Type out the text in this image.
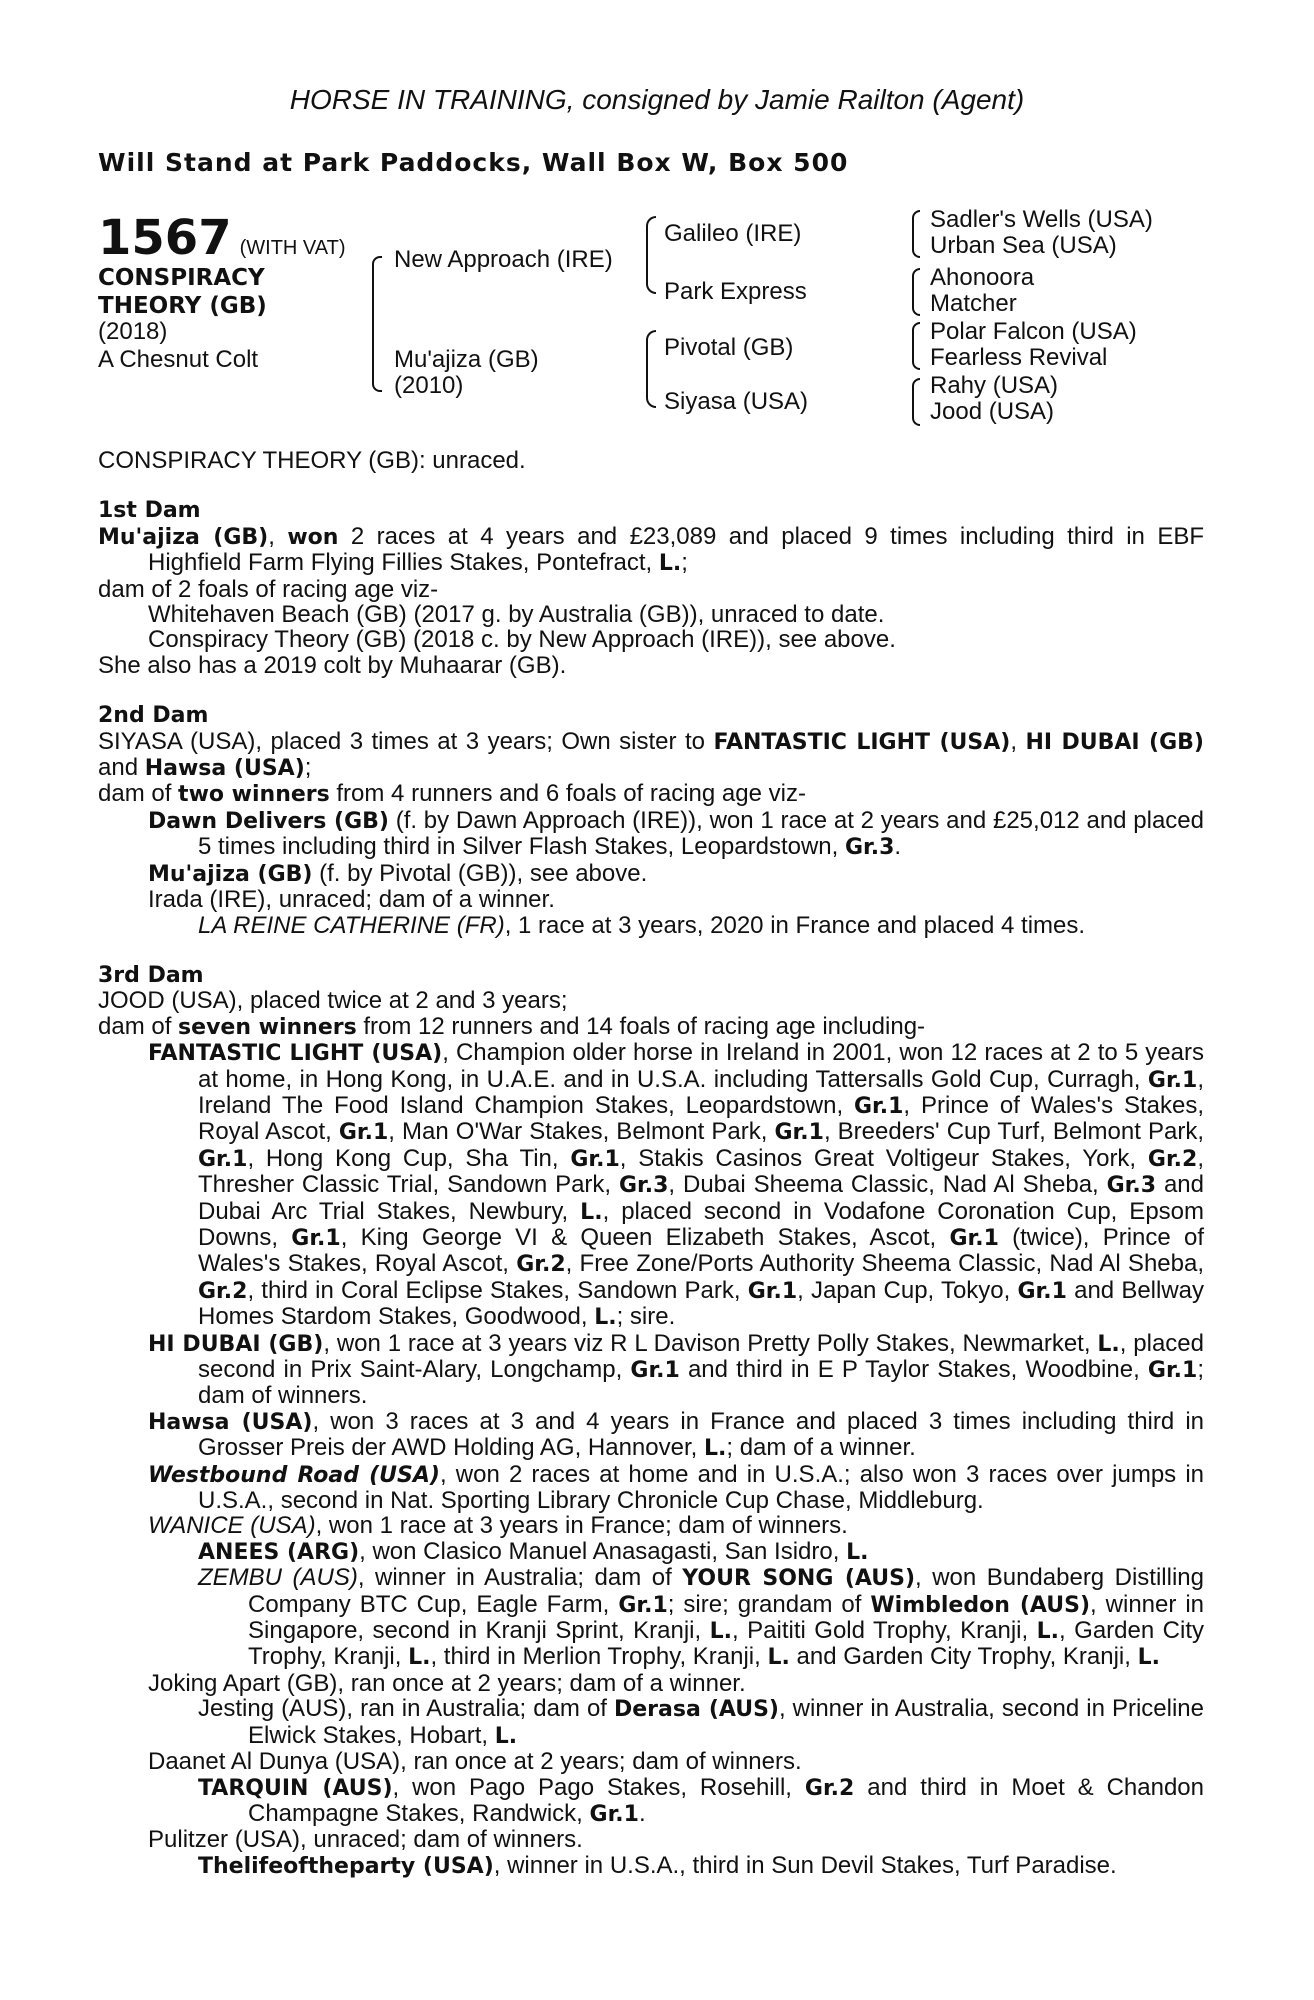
HORSE IN TRAINING, consigned by Jamie Railton (Agent)
Will Stand at Park Paddocks, Wall Box W, Box 500
1567 (WITH VAT)
CONSPIRACY
THEORY (GB)
(2018)
A Chesnut Colt
New Approach (IRE)
Mu'ajiza (GB)
(2010)
Galileo (IRE)
Park Express
Pivotal (GB)
Siyasa (USA)
Sadler's Wells (USA)
Urban Sea (USA)
Ahonoora
Matcher
Polar Falcon (USA)
Fearless Revival
Rahy (USA)
Jood (USA)

CONSPIRACY THEORY (GB): unraced.

1st Dam

Mu'ajiza (GB), won 2 races at 4 years and £23,089 and placed 9 times including third in EBF Highfield Farm Flying Fillies Stakes, Pontefract, L.;

dam of 2 foals of racing age viz-

Whitehaven Beach (GB) (2017 g. by Australia (GB)), unraced to date.

Conspiracy Theory (GB) (2018 c. by New Approach (IRE)), see above.

She also has a 2019 colt by Muhaarar (GB).

2nd Dam

SIYASA (USA), placed 3 times at 3 years; Own sister to FANTASTIC LIGHT (USA), HI DUBAI (GB) and Hawsa (USA);

dam of two winners from 4 runners and 6 foals of racing age viz-

Dawn Delivers (GB) (f. by Dawn Approach (IRE)), won 1 race at 2 years and £25,012 and placed 5 times including third in Silver Flash Stakes, Leopardstown, Gr.3.

Mu'ajiza (GB) (f. by Pivotal (GB)), see above.

Irada (IRE), unraced; dam of a winner.

LA REINE CATHERINE (FR), 1 race at 3 years, 2020 in France and placed 4 times.

3rd Dam

JOOD (USA), placed twice at 2 and 3 years;

dam of seven winners from 12 runners and 14 foals of racing age including-

FANTASTIC LIGHT (USA), Champion older horse in Ireland in 2001, won 12 races at 2 to 5 years at home, in Hong Kong, in U.A.E. and in U.S.A. including Tattersalls Gold Cup, Curragh, Gr.1, Ireland The Food Island Champion Stakes, Leopardstown, Gr.1, Prince of Wales's Stakes, Royal Ascot, Gr.1, Man O'War Stakes, Belmont Park, Gr.1, Breeders' Cup Turf, Belmont Park, Gr.1, Hong Kong Cup, Sha Tin, Gr.1, Stakis Casinos Great Voltigeur Stakes, York, Gr.2, Thresher Classic Trial, Sandown Park, Gr.3, Dubai Sheema Classic, Nad Al Sheba, Gr.3 and Dubai Arc Trial Stakes, Newbury, L., placed second in Vodafone Coronation Cup, Epsom Downs, Gr.1, King George VI & Queen Elizabeth Stakes, Ascot, Gr.1 (twice), Prince of Wales's Stakes, Royal Ascot, Gr.2, Free Zone/Ports Authority Sheema Classic, Nad Al Sheba, Gr.2, third in Coral Eclipse Stakes, Sandown Park, Gr.1, Japan Cup, Tokyo, Gr.1 and Bellway Homes Stardom Stakes, Goodwood, L.; sire.

HI DUBAI (GB), won 1 race at 3 years viz R L Davison Pretty Polly Stakes, Newmarket, L., placed second in Prix Saint-Alary, Longchamp, Gr.1 and third in E P Taylor Stakes, Woodbine, Gr.1; dam of winners.

Hawsa (USA), won 3 races at 3 and 4 years in France and placed 3 times including third in Grosser Preis der AWD Holding AG, Hannover, L.; dam of a winner.

Westbound Road (USA), won 2 races at home and in U.S.A.; also won 3 races over jumps in U.S.A., second in Nat. Sporting Library Chronicle Cup Chase, Middleburg.

WANICE (USA), won 1 race at 3 years in France; dam of winners.

ANEES (ARG), won Clasico Manuel Anasagasti, San Isidro, L.

ZEMBU (AUS), winner in Australia; dam of YOUR SONG (AUS), won Bundaberg Distilling Company BTC Cup, Eagle Farm, Gr.1; sire; grandam of Wimbledon (AUS), winner in Singapore, second in Kranji Sprint, Kranji, L., Paititi Gold Trophy, Kranji, L., Garden City Trophy, Kranji, L., third in Merlion Trophy, Kranji, L. and Garden City Trophy, Kranji, L.

Joking Apart (GB), ran once at 2 years; dam of a winner.

Jesting (AUS), ran in Australia; dam of Derasa (AUS), winner in Australia, second in Priceline Elwick Stakes, Hobart, L.

Daanet Al Dunya (USA), ran once at 2 years; dam of winners.

TARQUIN (AUS), won Pago Pago Stakes, Rosehill, Gr.2 and third in Moet & Chandon Champagne Stakes, Randwick, Gr.1.

Pulitzer (USA), unraced; dam of winners.

Thelifeoftheparty (USA), winner in U.S.A., third in Sun Devil Stakes, Turf Paradise.
